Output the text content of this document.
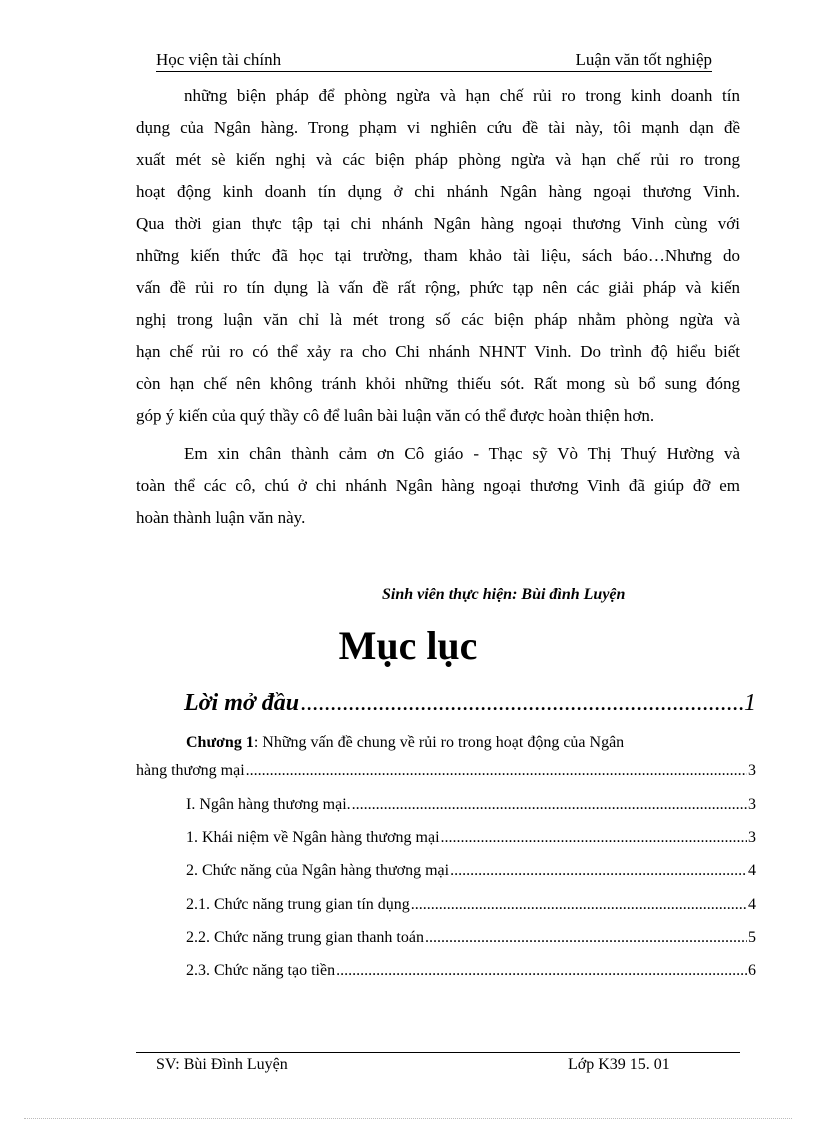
Học viện tài chính	Luận văn tốt nghiệp

những biện pháp để phòng ngừa và hạn chế rủi ro trong kinh doanh tín
dụng của Ngân hàng. Trong phạm vi nghiên cứu đề tài này, tôi mạnh dạn đề
xuất mét sè kiến nghị và các biện pháp phòng ngừa và hạn chế rủi ro trong
hoạt động kinh doanh tín dụng ở chi nhánh Ngân hàng ngoại thương Vinh.
Qua thời gian thực tập tại chi nhánh Ngân hàng ngoại thương Vinh cùng với
những kiến thức đã học tại trường, tham khảo tài liệu, sách báo…Nhưng do
vấn đề rủi ro tín dụng là vấn đề rất rộng, phức tạp nên các giải pháp và kiến
nghị trong luận văn chỉ là mét trong số các biện pháp nhằm phòng ngừa và
hạn chế rủi ro có thể xảy ra cho Chi nhánh NHNT Vinh. Do trình độ hiểu biết
còn hạn chế nên không tránh khỏi những thiếu sót. Rất mong sù bổ sung đóng
góp ý kiến của quý thầy cô để luân bài luận văn có thể được hoàn thiện hơn.

Em xin chân thành cảm ơn Cô giáo - Thạc sỹ Vò Thị Thuý Hường và
toàn thể các cô, chú ở chi nhánh Ngân hàng ngoại thương Vinh đã giúp đỡ em
hoàn thành luận văn này.

Sinh viên thực hiện: Bùi đình Luyện
Mục lục
Lời mở đầu .....	1
Chương 1: Những vấn đề chung về rủi ro trong hoạt động của Ngân
hàng thương mại .....	3
I. Ngân hàng thương mại. .....	3
1. Khái niệm về Ngân hàng thương mại .....	3
2. Chức năng của Ngân hàng thương mại .....	4
2.1. Chức năng trung gian tín dụng .....	4
2.2. Chức năng trung gian thanh toán .....	5
2.3. Chức năng tạo tiền .....	6
SV: Bùi Đình Luyện	Lớp K39 15. 01
